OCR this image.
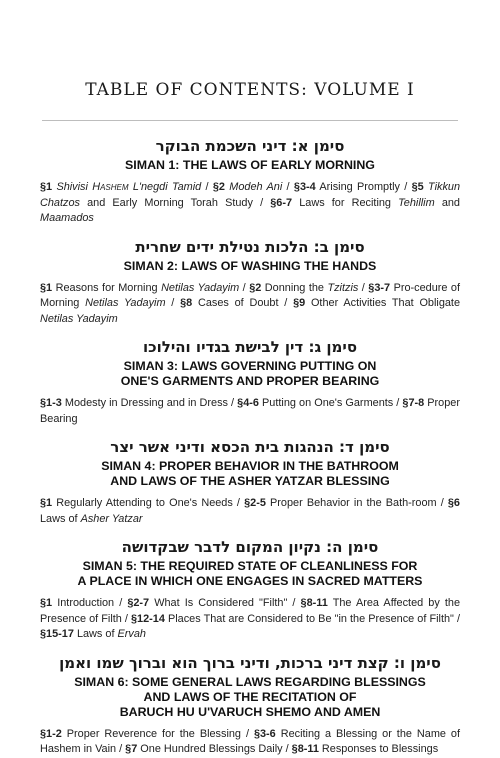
TABLE OF CONTENTS: VOLUME I
סימן א: דיני השכמת הבוקר
SIMAN 1: THE LAWS OF EARLY MORNING

§1 Shivisi Hashem L'negdi Tamid / §2 Modeh Ani / §3-4 Arising Promptly / §5 Tikkun Chatzos and Early Morning Torah Study / §6-7 Laws for Reciting Tehillim and Maamados

סימן ב: הלכות נטילת ידים שחרית
SIMAN 2: LAWS OF WASHING THE HANDS

§1 Reasons for Morning Netilas Yadayim / §2 Donning the Tzitzis / §3-7 Pro-cedure of Morning Netilas Yadayim / §8 Cases of Doubt / §9 Other Activities That Obligate Netilas Yadayim

סימן ג: דין לבישת בגדיו והילוכו
SIMAN 3: LAWS GOVERNING PUTTING ON
ONE'S GARMENTS AND PROPER BEARING

§1-3 Modesty in Dressing and in Dress / §4-6 Putting on One's Garments / §7-8 Proper Bearing

סימן ד: הנהגות בית הכסא ודיני אשר יצר
SIMAN 4: PROPER BEHAVIOR IN THE BATHROOM
AND LAWS OF THE ASHER YATZAR BLESSING

§1 Regularly Attending to One's Needs / §2-5 Proper Behavior in the Bath-room / §6 Laws of Asher Yatzar

סימן ה: נקיון המקום לדבר שבקדושה
SIMAN 5: THE REQUIRED STATE OF CLEANLINESS FOR
A PLACE IN WHICH ONE ENGAGES IN SACRED MATTERS

§1 Introduction / §2-7 What Is Considered "Filth" / §8-11 The Area Affected by the Presence of Filth / §12-14 Places That are Considered to Be "in the Presence of Filth" / §15-17 Laws of Ervah

סימן ו: קצת דיני ברכות, ודיני ברוך הוא וברוך שמו ואמן
SIMAN 6: SOME GENERAL LAWS REGARDING BLESSINGS
AND LAWS OF THE RECITATION OF
BARUCH HU U'VARUCH SHEMO AND AMEN

§1-2 Proper Reverence for the Blessing / §3-6 Reciting a Blessing or the Name of Hashem in Vain / §7 One Hundred Blessings Daily / §8-11 Responses to Blessings
